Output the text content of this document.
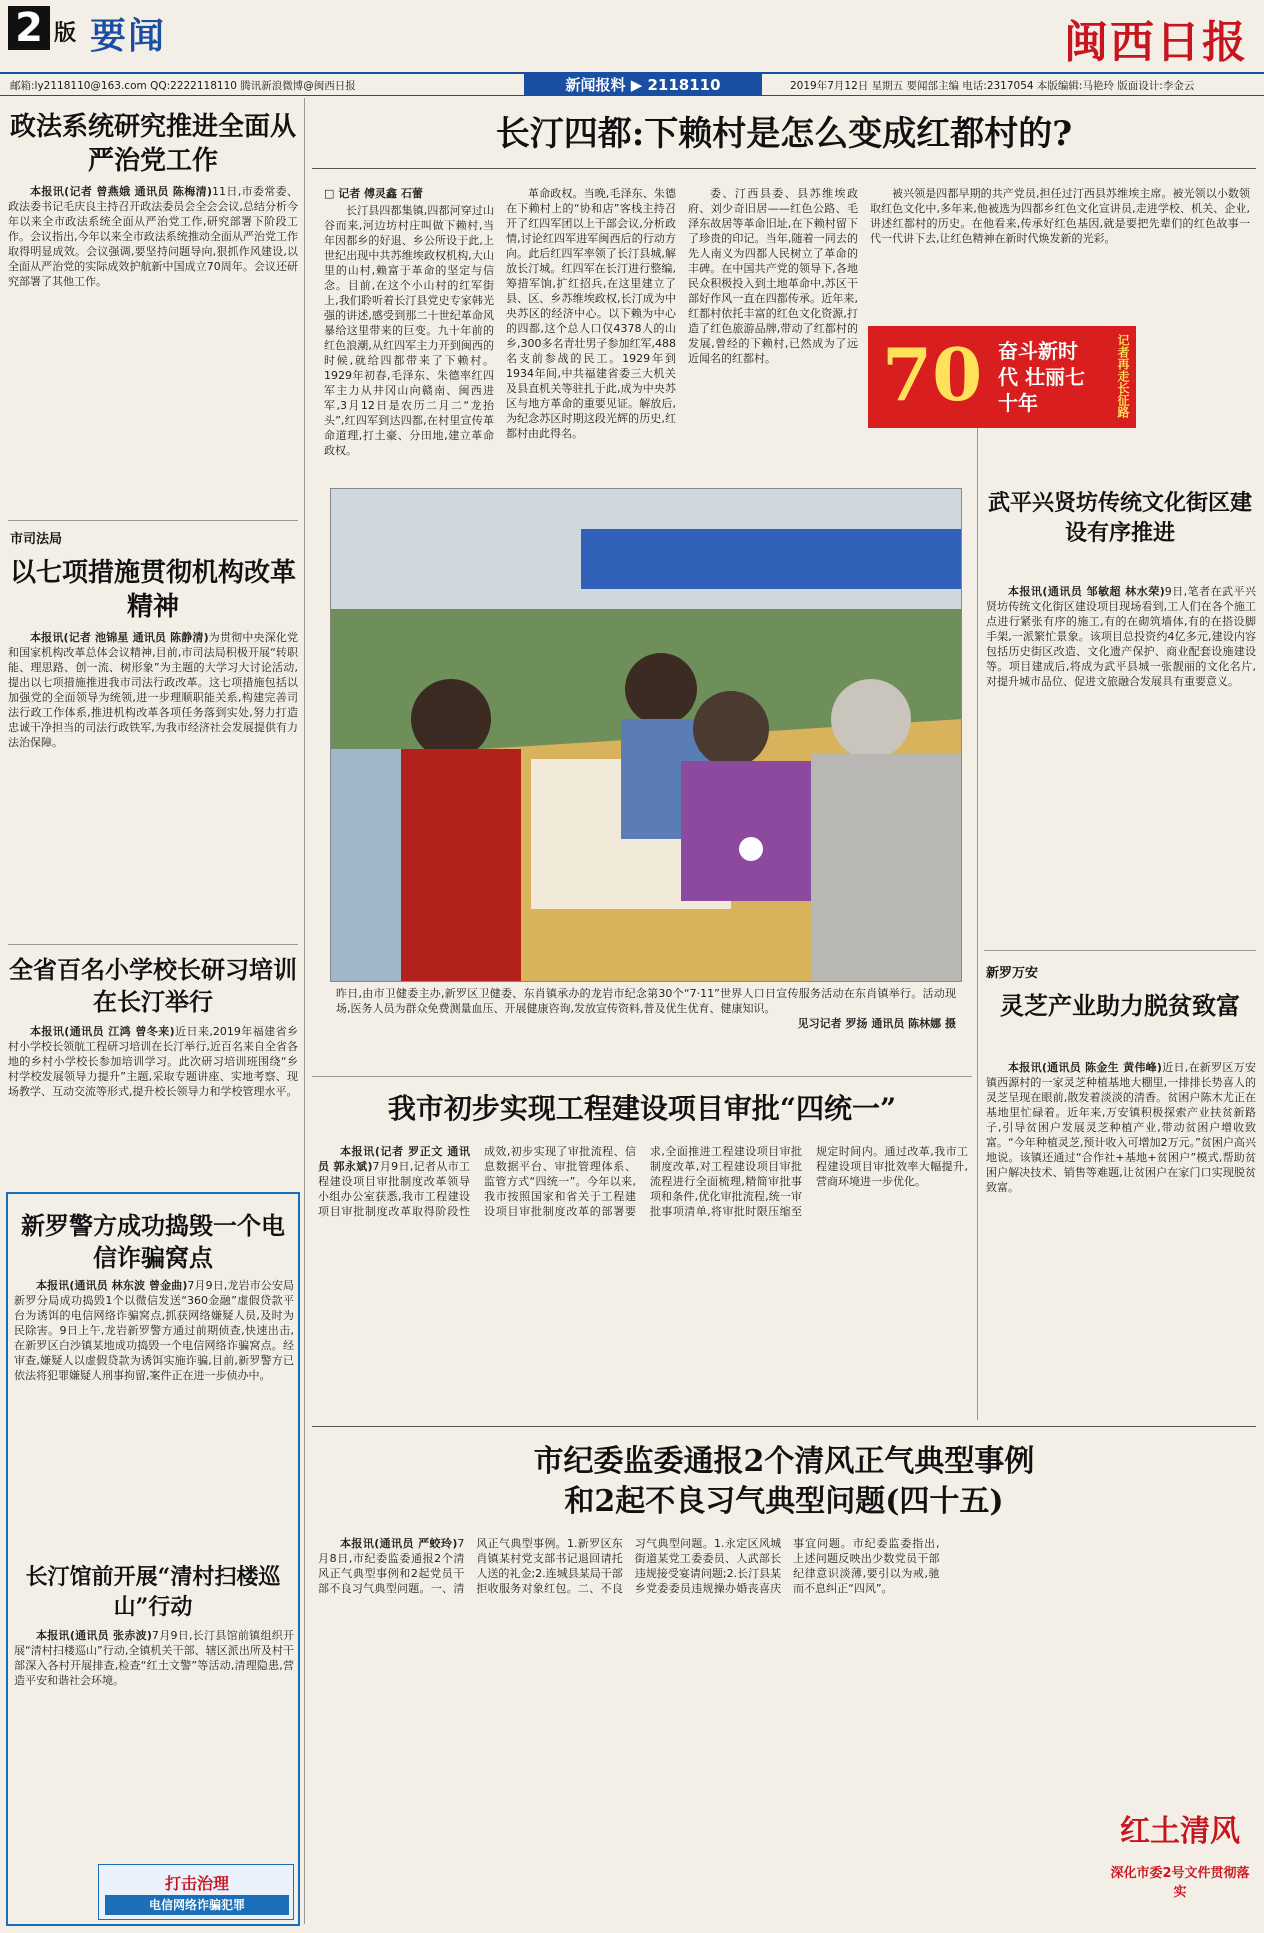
2 版 要闻	闽西日报
邮箱:ly2118110@163.com QQ:2222118110 腾讯新浪微博@闽西日报	新闻报料 ▶ 2118110	2019年7月12日 星期五 要闻部主编 电话:2317054 本版编辑:马艳玲 版面设计:李金云
政法系统研究推进全面从严治党工作

本报讯(记者 曾燕娥 通讯员 陈梅清)11日,市委常委、政法委书记毛庆良主持召开政法委员会全会会议,总结分析今年以来全市政法系统全面从严治党工作,研究部署下阶段工作。会议指出,今年以来全市政法系统推动全面从严治党工作取得明显成效。会议强调,要坚持问题导向,狠抓作风建设,以全面从严治党的实际成效护航新中国成立70周年。会议还研究部署了其他工作。

市司法局
以七项措施贯彻机构改革精神

本报讯(记者 池锦星 通讯员 陈静清)为贯彻中央深化党和国家机构改革总体会议精神,目前,市司法局积极开展“转职能、理思路、创一流、树形象”为主题的大学习大讨论活动,提出以七项措施推进我市司法行政改革。这七项措施包括以加强党的全面领导为统领,进一步理顺职能关系,构建完善司法行政工作体系,推进机构改革各项任务落到实处,努力打造忠诚干净担当的司法行政铁军,为我市经济社会发展提供有力法治保障。

全省百名小学校长研习培训在长汀举行

本报讯(通讯员 江鸿 曾冬来)近日来,2019年福建省乡村小学校长领航工程研习培训在长汀举行,近百名来自全省各地的乡村小学校长参加培训学习。此次研习培训班围绕“乡村学校发展领导力提升”主题,采取专题讲座、实地考察、现场教学、互动交流等形式,提升校长领导力和学校管理水平。

新罗警方成功捣毁一个电信诈骗窝点

本报讯(通讯员 林东波 曾金曲)7月9日,龙岩市公安局新罗分局成功捣毁1个以微信发送“360金融”虚假贷款平台为诱饵的电信网络诈骗窝点,抓获网络嫌疑人员,及时为民除害。9日上午,龙岩新罗警方通过前期侦查,快速出击,在新罗区白沙镇某地成功捣毁一个电信网络诈骗窝点。经审查,嫌疑人以虚假贷款为诱饵实施诈骗,目前,新罗警方已依法将犯罪嫌疑人刑事拘留,案件正在进一步侦办中。

长汀馆前开展“清村扫楼巡山”行动

本报讯(通讯员 张赤波)7月9日,长汀县馆前镇组织开展“清村扫楼巡山”行动,全镇机关干部、辖区派出所及村干部深入各村开展排查,检查“红土文警”等活动,清理隐患,营造平安和谐社会环境。

打击治理
电信网络诈骗犯罪
长汀四都:下赖村是怎么变成红都村的?

□ 记者 傅灵鑫 石蕾

长汀县四都集镇,四都河穿过山谷而来,河边坊村庄叫做下赖村,当年因都乡的好退、乡公所设于此,上世纪出现中共苏维埃政权机构,大山里的山村,赖富于革命的坚定与信念。目前,在这个小山村的红军街上,我们聆听着长汀县党史专家韩光强的讲述,感受到那二十世纪革命风暴给这里带来的巨变。九十年前的红色浪潮,从红四军主力开到闽西的时候,就给四都带来了下赖村。1929年初春,毛泽东、朱德率红四军主力从井冈山向赣南、闽西进军,3月12日是农历二月二“龙抬头”,红四军到达四都,在村里宣传革命道理,打土豪、分田地,建立革命政权。

革命政权。当晚,毛泽东、朱德在下赖村上的“协和店”客栈主持召开了红四军团以上干部会议,分析政情,讨论红四军进军闽西后的行动方向。此后红四军率领了长汀县城,解放长汀城。红四军在长汀进行整编,筹措军饷,扩红招兵,在这里建立了县、区、乡苏维埃政权,长汀成为中央苏区的经济中心。以下赖为中心的四都,这个总人口仅4378人的山乡,300多名青壮男子参加红军,488名支前参战的民工。1929年到1934年间,中共福建省委三大机关及县直机关等驻扎于此,成为中央苏区与地方革命的重要见证。解放后,为纪念苏区时期这段光辉的历史,红都村由此得名。

委、汀西县委、县苏维埃政府、刘少奇旧居——红色公路、毛泽东故居等革命旧址,在下赖村留下了珍贵的印记。当年,随着一同去的先人南义为四都人民树立了革命的丰碑。在中国共产党的领导下,各地民众积极投入到土地革命中,苏区干部好作风一直在四都传承。近年来,红都村依托丰富的红色文化资源,打造了红色旅游品牌,带动了红都村的发展,曾经的下赖村,已然成为了远近闻名的红都村。

被兴领是四都早期的共产党员,担任过汀西县苏维埃主席。被光领以小数领取红色文化中,多年来,他被选为四都乡红色文化宣讲员,走进学校、机关、企业,讲述红都村的历史。在他看来,传承好红色基因,就是要把先辈们的红色故事一代一代讲下去,让红色精神在新时代焕发新的光彩。

70 奋斗新时代 壮丽七十年	记者再走长征路
昨日,由市卫健委主办,新罗区卫健委、东肖镇承办的龙岩市纪念第30个“7·11”世界人口日宣传服务活动在东肖镇举行。活动现场,医务人员为群众免费测量血压、开展健康咨询,发放宣传资料,普及优生优育、健康知识。
见习记者 罗扬 通讯员 陈林娜 摄
武平兴贤坊传统文化街区建设有序推进

本报讯(通讯员 邹敏超 林水荣)9日,笔者在武平兴贤坊传统文化街区建设项目现场看到,工人们在各个施工点进行紧张有序的施工,有的在砌筑墙体,有的在搭设脚手架,一派繁忙景象。该项目总投资约4亿多元,建设内容包括历史街区改造、文化遗产保护、商业配套设施建设等。项目建成后,将成为武平县城一张靓丽的文化名片,对提升城市品位、促进文旅融合发展具有重要意义。

新罗万安
灵芝产业助力脱贫致富

本报讯(通讯员 陈金生 黄伟峰)近日,在新罗区万安镇西源村的一家灵芝种植基地大棚里,一排排长势喜人的灵芝呈现在眼前,散发着淡淡的清香。贫困户陈木尤正在基地里忙碌着。近年来,万安镇积极探索产业扶贫新路子,引导贫困户发展灵芝种植产业,带动贫困户增收致富。“今年种植灵芝,预计收入可增加2万元。”贫困户高兴地说。该镇还通过“合作社+基地+贫困户”模式,帮助贫困户解决技术、销售等难题,让贫困户在家门口实现脱贫致富。

我市初步实现工程建设项目审批“四统一”

本报讯(记者 罗正文 通讯员 郭永斌)7月9日,记者从市工程建设项目审批制度改革领导小组办公室获悉,我市工程建设项目审批制度改革取得阶段性成效,初步实现了审批流程、信息数据平台、审批管理体系、监管方式“四统一”。今年以来,我市按照国家和省关于工程建设项目审批制度改革的部署要求,全面推进工程建设项目审批制度改革,对工程建设项目审批流程进行全面梳理,精简审批事项和条件,优化审批流程,统一审批事项清单,将审批时限压缩至规定时间内。通过改革,我市工程建设项目审批效率大幅提升,营商环境进一步优化。

市纪委监委通报2个清风正气典型事例
和2起不良习气典型问题(四十五)

本报讯(通讯员 严蛟玲)7月8日,市纪委监委通报2个清风正气典型事例和2起党员干部不良习气典型问题。一、清风正气典型事例。1.新罗区东肖镇某村党支部书记退回请托人送的礼金;2.连城县某局干部拒收服务对象红包。二、不良习气典型问题。1.永定区风城街道某党工委委员、人武部长违规接受宴请问题;2.长汀县某乡党委委员违规操办婚丧喜庆事宜问题。市纪委监委指出,上述问题反映出少数党员干部纪律意识淡薄,要引以为戒,驰而不息纠正“四风”。

红土清风
深化市委2号文件贯彻落实
